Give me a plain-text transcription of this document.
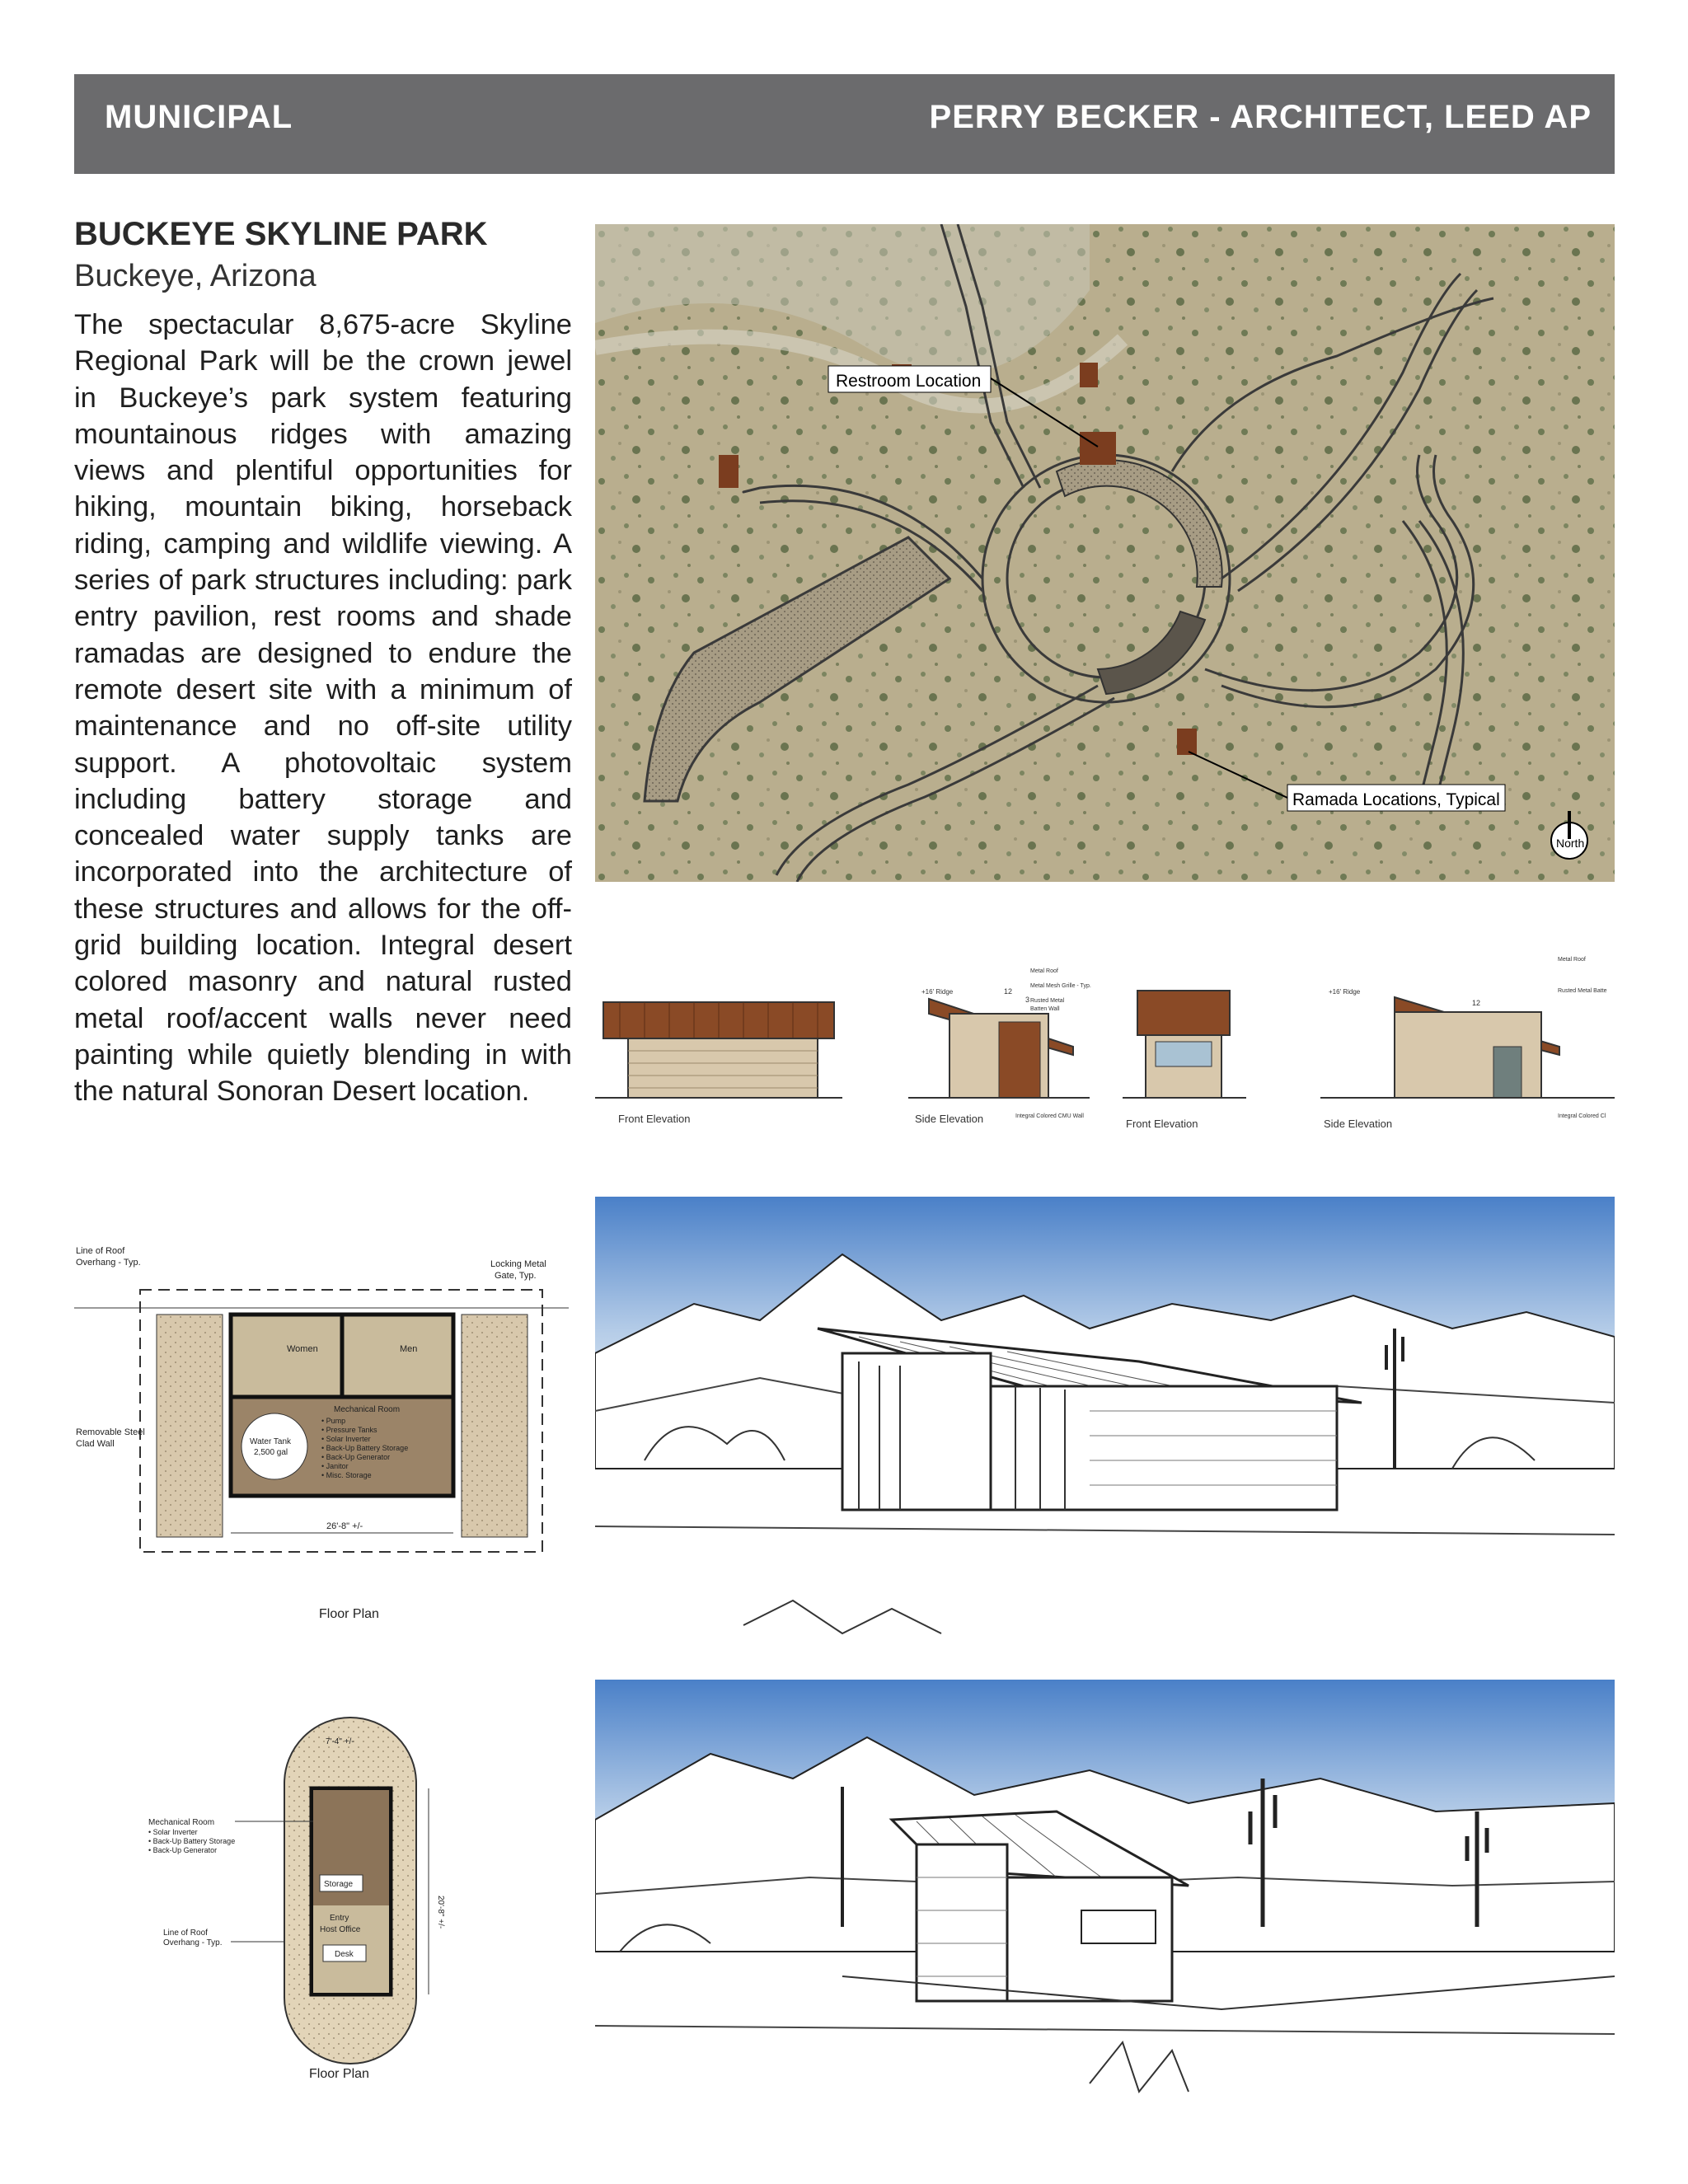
MUNICIPAL	PERRY BECKER - ARCHITECT, LEED AP
BUCKEYE SKYLINE PARK
Buckeye, Arizona
The spectacular 8,675-acre Skyline Regional Park will be the crown jewel in Buckeye’s park system featuring mountainous ridges with amazing views and plentiful opportunities for hiking, mountain biking, horseback riding, camping and wildlife viewing. A series of park structures including: park entry pavilion, rest rooms and shade ramadas are designed to endure the remote desert site with a minimum of maintenance and no off-site utility support. A photovoltaic system including battery storage and concealed water supply tanks are incorporated into the architecture of these structures and allows for the off-grid building location. Integral desert colored masonry and natural rusted metal roof/accent walls never need painting while quietly blending in with the natural Sonoran Desert location.
Restroom Location
Ramada Locations, Typical
North
Front Elevation
12
3
+16' Ridge
Metal Roof
Metal Mesh Grille - Typ.
Rusted Metal
Batten Wall
Integral Colored CMU Wall
Side Elevation	Front Elevation
+16' Ridge
12
Metal Roof
Rusted Metal Batte
Integral Colored Cl
Side Elevation
Line of Roof
Overhang - Typ.	Locking Metal
Gate, Typ.
Women	Men
Water Tank
2,500 gal
Mechanical Room
• Pump
• Pressure Tanks
• Solar Inverter
• Back-Up Battery Storage
• Back-Up Generator
• Janitor
• Misc. Storage
Removable Steel
Clad Wall
26'-8" +/-
Floor Plan
7'-4" +/-
Storage
Entry
Host Office
Desk
20'-8" +/-
Mechanical Room
• Solar Inverter
• Back-Up Battery Storage
• Back-Up Generator
Line of Roof
Overhang - Typ.
Floor Plan
